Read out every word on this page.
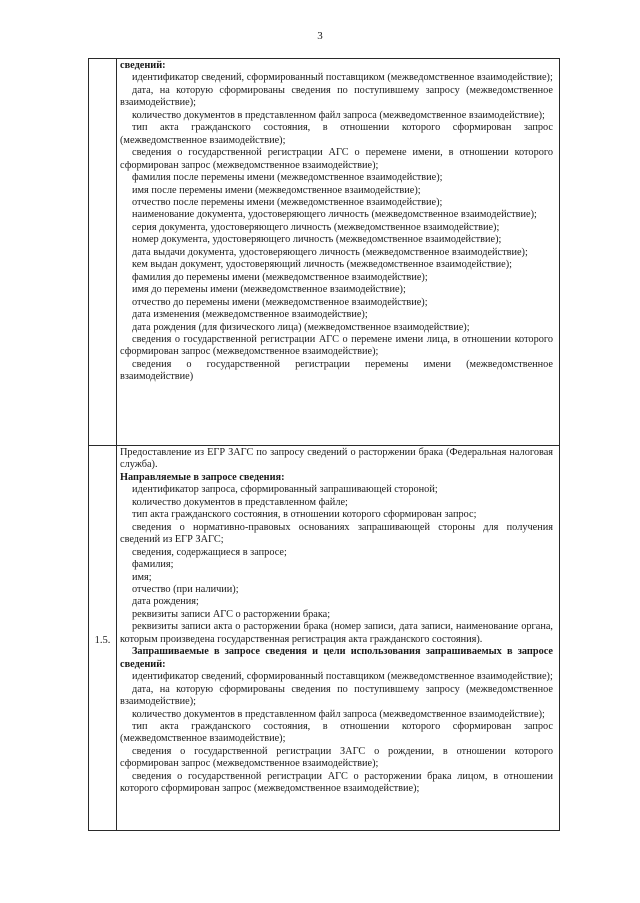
3

сведений:

идентификатор сведений, сформированный поставщиком (межведомственное взаимодействие);

дата, на которую сформированы сведения по поступившему запросу (межведомственное взаимодействие);

количество документов в представленном файл запроса (межведомственное взаимодействие);

тип акта гражданского состояния, в отношении которого сформирован запрос (межведомственное взаимодействие);

сведения о государственной регистрации АГС о перемене имени, в отношении которого сформирован запрос (межведомственное взаимодействие);

фамилия после перемены имени (межведомственное взаимодействие);

имя после перемены имени (межведомственное взаимодействие);

отчество после перемены имени (межведомственное взаимодействие);

наименование документа, удостоверяющего личность (межведомственное взаимодействие);

серия документа, удостоверяющего личность (межведомственное взаимодействие);

номер документа, удостоверяющего личность (межведомственное взаимодействие);

дата выдачи документа, удостоверяющего личность (межведомственное взаимодействие);

кем выдан документ, удостоверяющий личность (межведомственное взаимодействие);

фамилия до перемены имени (межведомственное взаимодействие);

имя до перемены имени (межведомственное взаимодействие);

отчество до перемены имени (межведомственное взаимодействие);

дата изменения (межведомственное взаимодействие);

дата рождения (для физического лица) (межведомственное взаимодействие);

сведения о государственной регистрации АГС о перемене имени лица, в отношении которого сформирован запрос (межведомственное взаимодействие);

сведения о государственной регистрации перемены имени (межведомственное взаимодействие)

1.5.

Предоставление из ЕГР ЗАГС по запросу сведений о расторжении брака (Федеральная налоговая служба).

Направляемые в запросе сведения:

идентификатор запроса, сформированный запрашивающей стороной;

количество документов в представленном файле;

тип акта гражданского состояния, в отношении которого сформирован запрос;

сведения о нормативно-правовых основаниях запрашивающей стороны для получения сведений из ЕГР ЗАГС;

сведения, содержащиеся в запросе;

фамилия;

имя;

отчество (при наличии);

дата рождения;

реквизиты записи АГС о расторжении брака;

реквизиты записи акта о расторжении брака (номер записи, дата записи, наименование органа, которым произведена государственная регистрация акта гражданского состояния).

Запрашиваемые в запросе сведения и цели использования запрашиваемых в запросе сведений:

идентификатор сведений, сформированный поставщиком (межведомственное взаимодействие);

дата, на которую сформированы сведения по поступившему запросу (межведомственное взаимодействие);

количество документов в представленном файл запроса (межведомственное взаимодействие);

тип акта гражданского состояния, в отношении которого сформирован запрос (межведомственное взаимодействие);

сведения о государственной регистрации ЗАГС о рождении, в отношении которого сформирован запрос (межведомственное взаимодействие);

сведения о государственной регистрации АГС о расторжении брака лицом, в отношении которого сформирован запрос (межведомственное взаимодействие);
